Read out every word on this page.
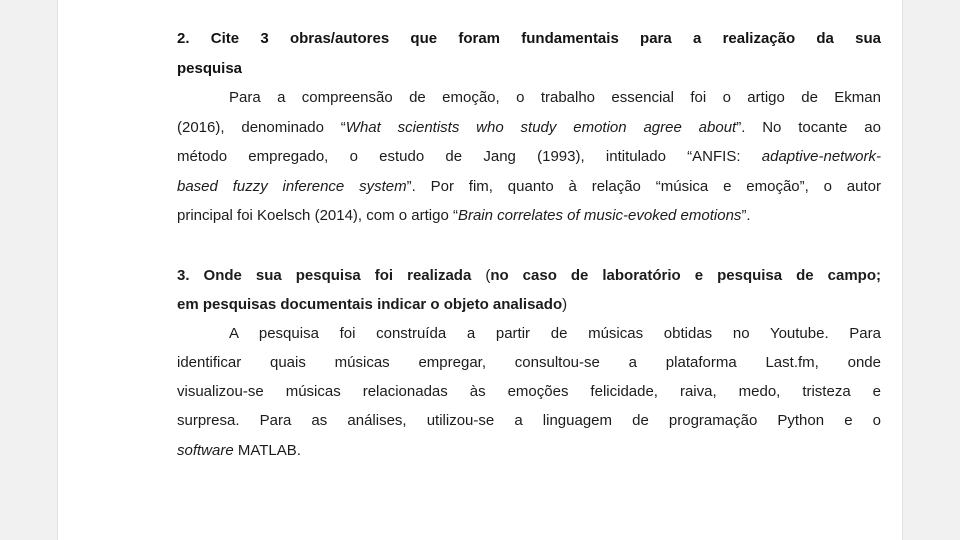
2. Cite 3 obras/autores que foram fundamentais para a realização da sua
pesquisa
Para a compreensão de emoção, o trabalho essencial foi o artigo de Ekman
(2016), denominado “What scientists who study emotion agree about”. No tocante ao
método empregado, o estudo de Jang (1993), intitulado “ANFIS: adaptive-network-
based fuzzy inference system”. Por fim, quanto à relação “música e emoção”, o autor
principal foi Koelsch (2014), com o artigo “Brain correlates of music-evoked emotions”.
3. Onde sua pesquisa foi realizada (no caso de laboratório e pesquisa de campo;
em pesquisas documentais indicar o objeto analisado)
A pesquisa foi construída a partir de músicas obtidas no Youtube. Para
identificar quais músicas empregar, consultou-se a plataforma Last.fm, onde
visualizou-se músicas relacionadas às emoções felicidade, raiva, medo, tristeza e
surpresa. Para as análises, utilizou-se a linguagem de programação Python e o
software MATLAB.
